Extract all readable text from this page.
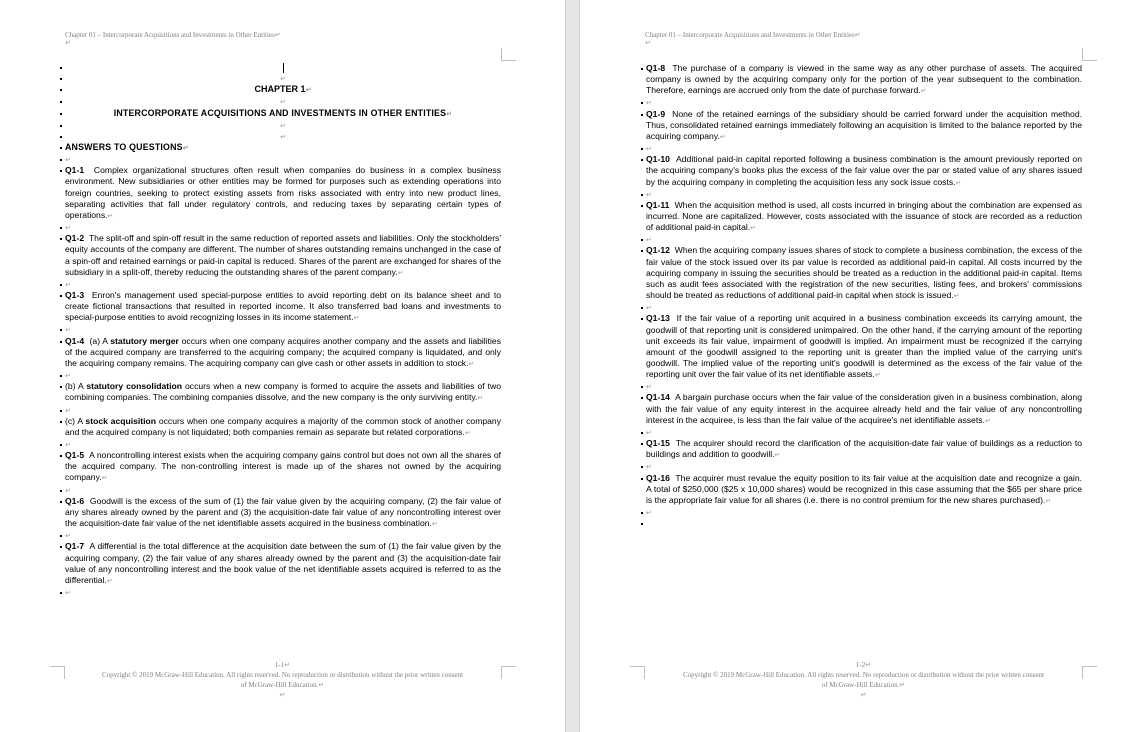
Chapter 01 – Intercorporate Acquisitions and Investments in Other Entities↵
↵
↵
CHAPTER 1↵
↵
INTERCORPORATE ACQUISITIONS AND INVESTMENTS IN OTHER ENTITIES↵
↵
↵
ANSWERS TO QUESTIONS↵
↵
Q1-1 Complex organizational structures often result when companies do business in a complex business environment. New subsidiaries or other entities may be formed for purposes such as extending operations into foreign countries, seeking to protect existing assets from risks associated with entry into new product lines, separating activities that fall under regulatory controls, and reducing taxes by separating certain types of operations.↵
↵
Q1-2 The split-off and spin-off result in the same reduction of reported assets and liabilities. Only the stockholders' equity accounts of the company are different. The number of shares outstanding remains unchanged in the case of a spin-off and retained earnings or paid-in capital is reduced. Shares of the parent are exchanged for shares of the subsidiary in a split-off, thereby reducing the outstanding shares of the parent company.↵
↵
Q1-3 Enron's management used special-purpose entities to avoid reporting debt on its balance sheet and to create fictional transactions that resulted in reported income. It also transferred bad loans and investments to special-purpose entities to avoid recognizing losses in its income statement.↵
↵
Q1-4 (a) A statutory merger occurs when one company acquires another company and the assets and liabilities of the acquired company are transferred to the acquiring company; the acquired company is liquidated, and only the acquiring company remains. The acquiring company can give cash or other assets in addition to stock.↵
↵
(b) A statutory consolidation occurs when a new company is formed to acquire the assets and liabilities of two combining companies. The combining companies dissolve, and the new company is the only surviving entity.↵
↵
(c) A stock acquisition occurs when one company acquires a majority of the common stock of another company and the acquired company is not liquidated; both companies remain as separate but related corporations.↵
↵
Q1-5 A noncontrolling interest exists when the acquiring company gains control but does not own all the shares of the acquired company. The non-controlling interest is made up of the shares not owned by the acquiring company.↵
↵
Q1-6 Goodwill is the excess of the sum of (1) the fair value given by the acquiring company, (2) the fair value of any shares already owned by the parent and (3) the acquisition-date fair value of any noncontrolling interest over the acquisition-date fair value of the net identifiable assets acquired in the business combination.↵
↵
Q1-7 A differential is the total difference at the acquisition date between the sum of (1) the fair value given by the acquiring company, (2) the fair value of any shares already owned by the parent and (3) the acquisition-date fair value of any noncontrolling interest and the book value of the net identifiable assets acquired is referred to as the differential.↵
↵
1-1↵
Copyright © 2019 McGraw-Hill Education. All rights reserved. No reproduction or distribution without the prior written consent
of McGraw-Hill Education.↵
↵
Chapter 01 – Intercorporate Acquisitions and Investments in Other Entities↵
↵
Q1-8 The purchase of a company is viewed in the same way as any other purchase of assets. The acquired company is owned by the acquiring company only for the portion of the year subsequent to the combination. Therefore, earnings are accrued only from the date of purchase forward.↵
↵
Q1-9 None of the retained earnings of the subsidiary should be carried forward under the acquisition method. Thus, consolidated retained earnings immediately following an acquisition is limited to the balance reported by the acquiring company.↵
↵
Q1-10 Additional paid-in capital reported following a business combination is the amount previously reported on the acquiring company's books plus the excess of the fair value over the par or stated value of any shares issued by the acquiring company in completing the acquisition less any sock issue costs.↵
↵
Q1-11 When the acquisition method is used, all costs incurred in bringing about the combination are expensed as incurred. None are capitalized. However, costs associated with the issuance of stock are recorded as a reduction of additional paid-in capital.↵
↵
Q1-12 When the acquiring company issues shares of stock to complete a business combination, the excess of the fair value of the stock issued over its par value is recorded as additional paid-in capital. All costs incurred by the acquiring company in issuing the securities should be treated as a reduction in the additional paid-in capital. Items such as audit fees associated with the registration of the new securities, listing fees, and brokers' commissions should be treated as reductions of additional paid-in capital when stock is issued.↵
↵
Q1-13 If the fair value of a reporting unit acquired in a business combination exceeds its carrying amount, the goodwill of that reporting unit is considered unimpaired. On the other hand, if the carrying amount of the reporting unit exceeds its fair value, impairment of goodwill is implied. An impairment must be recognized if the carrying amount of the goodwill assigned to the reporting unit is greater than the implied value of the carrying unit's goodwill. The implied value of the reporting unit's goodwill is determined as the excess of the fair value of the reporting unit over the fair value of its net identifiable assets.↵
↵
Q1-14 A bargain purchase occurs when the fair value of the consideration given in a business combination, along with the fair value of any equity interest in the acquiree already held and the fair value of any noncontrolling interest in the acquiree, is less than the fair value of the acquiree's net identifiable assets.↵
↵
Q1-15 The acquirer should record the clarification of the acquisition-date fair value of buildings as a reduction to buildings and addition to goodwill.↵
↵
Q1-16 The acquirer must revalue the equity position to its fair value at the acquisition date and recognize a gain. A total of $250,000 ($25 x 10,000 shares) would be recognized in this case assuming that the $65 per share price is the appropriate fair value for all shares (i.e. there is no control premium for the new shares purchased).↵
↵
1-2↵
Copyright © 2019 McGraw-Hill Education. All rights reserved. No reproduction or distribution without the prior written consent
of McGraw-Hill Education.↵
↵
